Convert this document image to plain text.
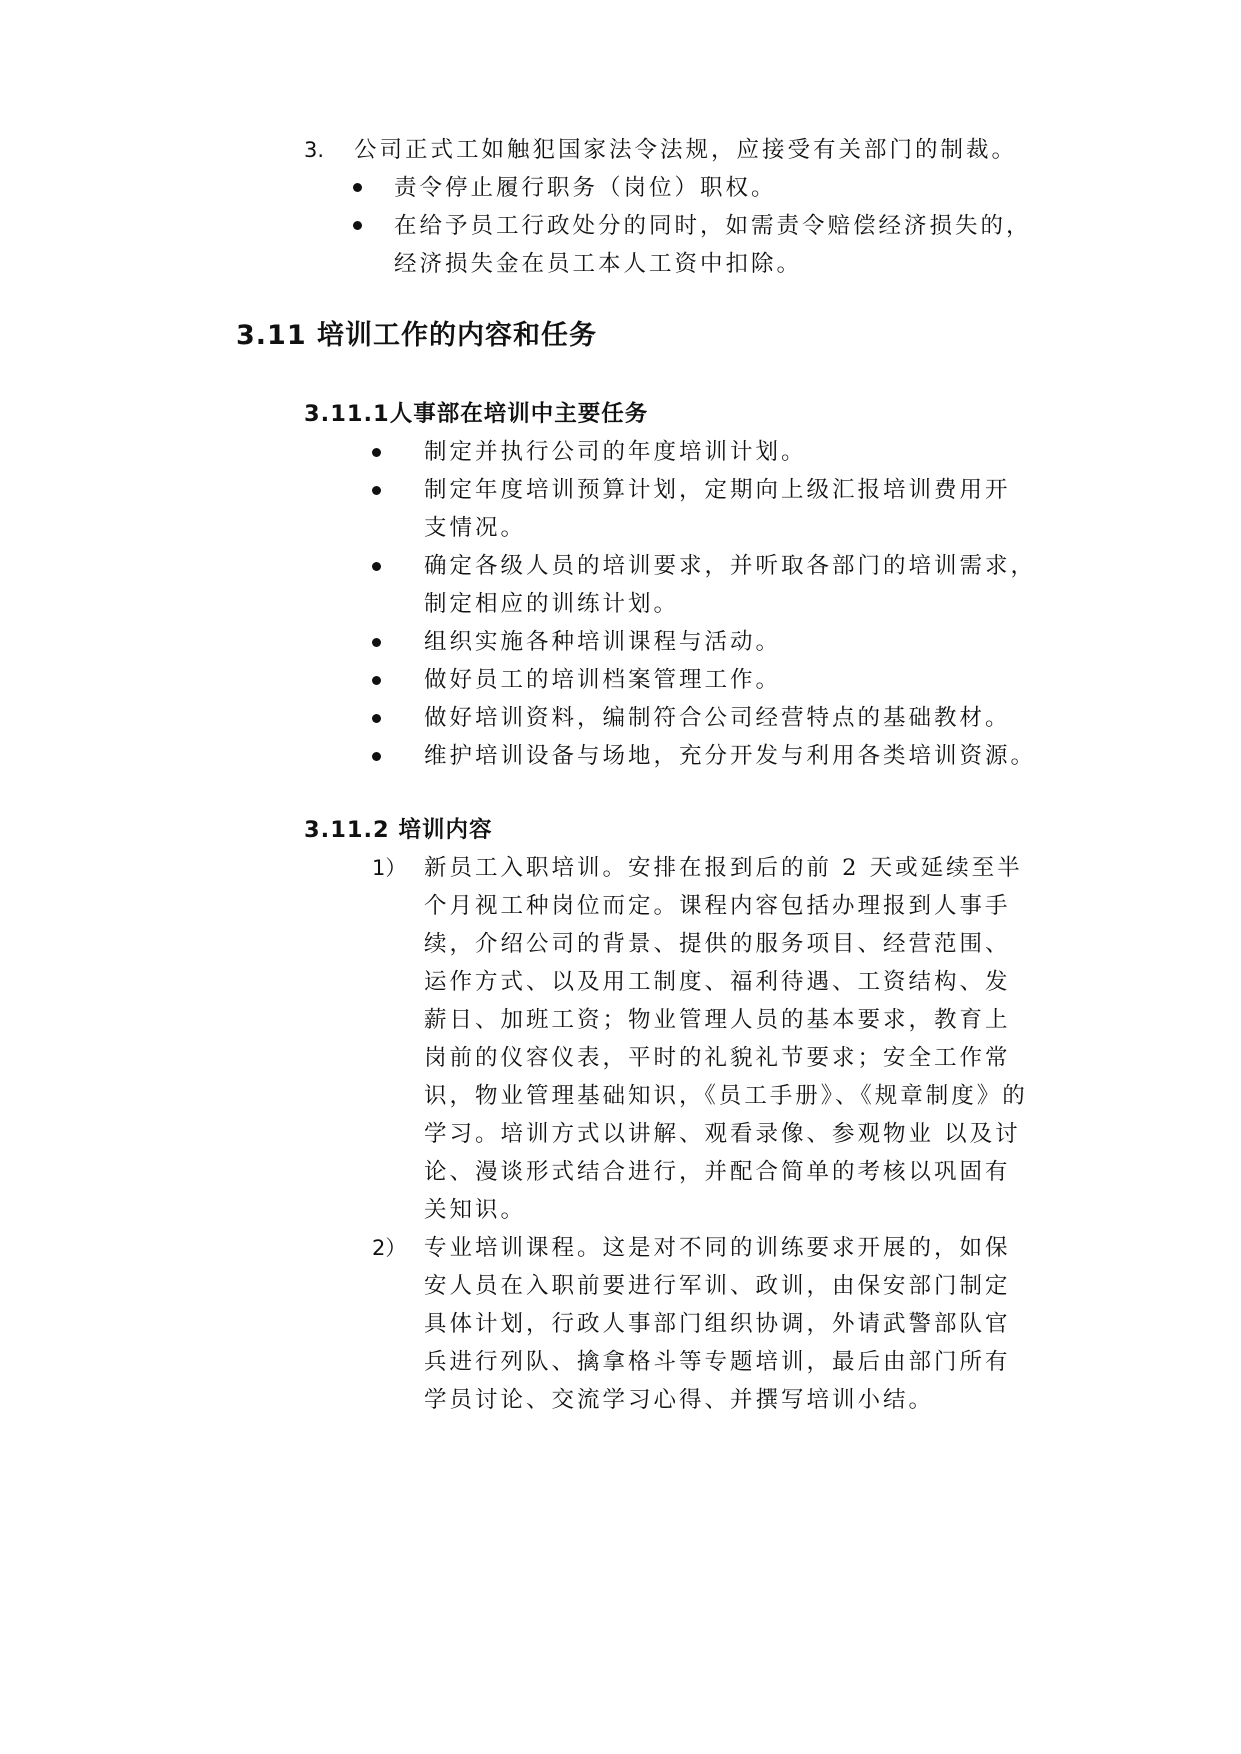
3. 公司正式工如触犯国家法令法规，应接受有关部门的制裁。
责令停止履行职务（岗位）职权。
在给予员工行政处分的同时，如需责令赔偿经济损失的，
经济损失金在员工本人工资中扣除。
3.11 培训工作的内容和任务
3.11.1人事部在培训中主要任务
制定并执行公司的年度培训计划。
制定年度培训预算计划，定期向上级汇报培训费用开
支情况。
确定各级人员的培训要求，并听取各部门的培训需求，
制定相应的训练计划。
组织实施各种培训课程与活动。
做好员工的培训档案管理工作。
做好培训资料，编制符合公司经营特点的基础教材。
维护培训设备与场地，充分开发与利用各类培训资源。
3.11.2 培训内容
1） 新员工入职培训。安排在报到后的前 2 天或延续至半
个月视工种岗位而定。课程内容包括办理报到人事手
续，介绍公司的背景、提供的服务项目、经营范围、
运作方式、以及用工制度、福利待遇、工资结构、发
薪日、加班工资；物业管理人员的基本要求，教育上
岗前的仪容仪表，平时的礼貌礼节要求；安全工作常
识，物业管理基础知识，《员工手册》、《规章制度》的
学习。培训方式以讲解、观看录像、参观物业 以及讨
论、漫谈形式结合进行，并配合简单的考核以巩固有
关知识。
2） 专业培训课程。这是对不同的训练要求开展的，如保
安人员在入职前要进行军训、政训，由保安部门制定
具体计划，行政人事部门组织协调，外请武警部队官
兵进行列队、擒拿格斗等专题培训，最后由部门所有
学员讨论、交流学习心得、并撰写培训小结。
